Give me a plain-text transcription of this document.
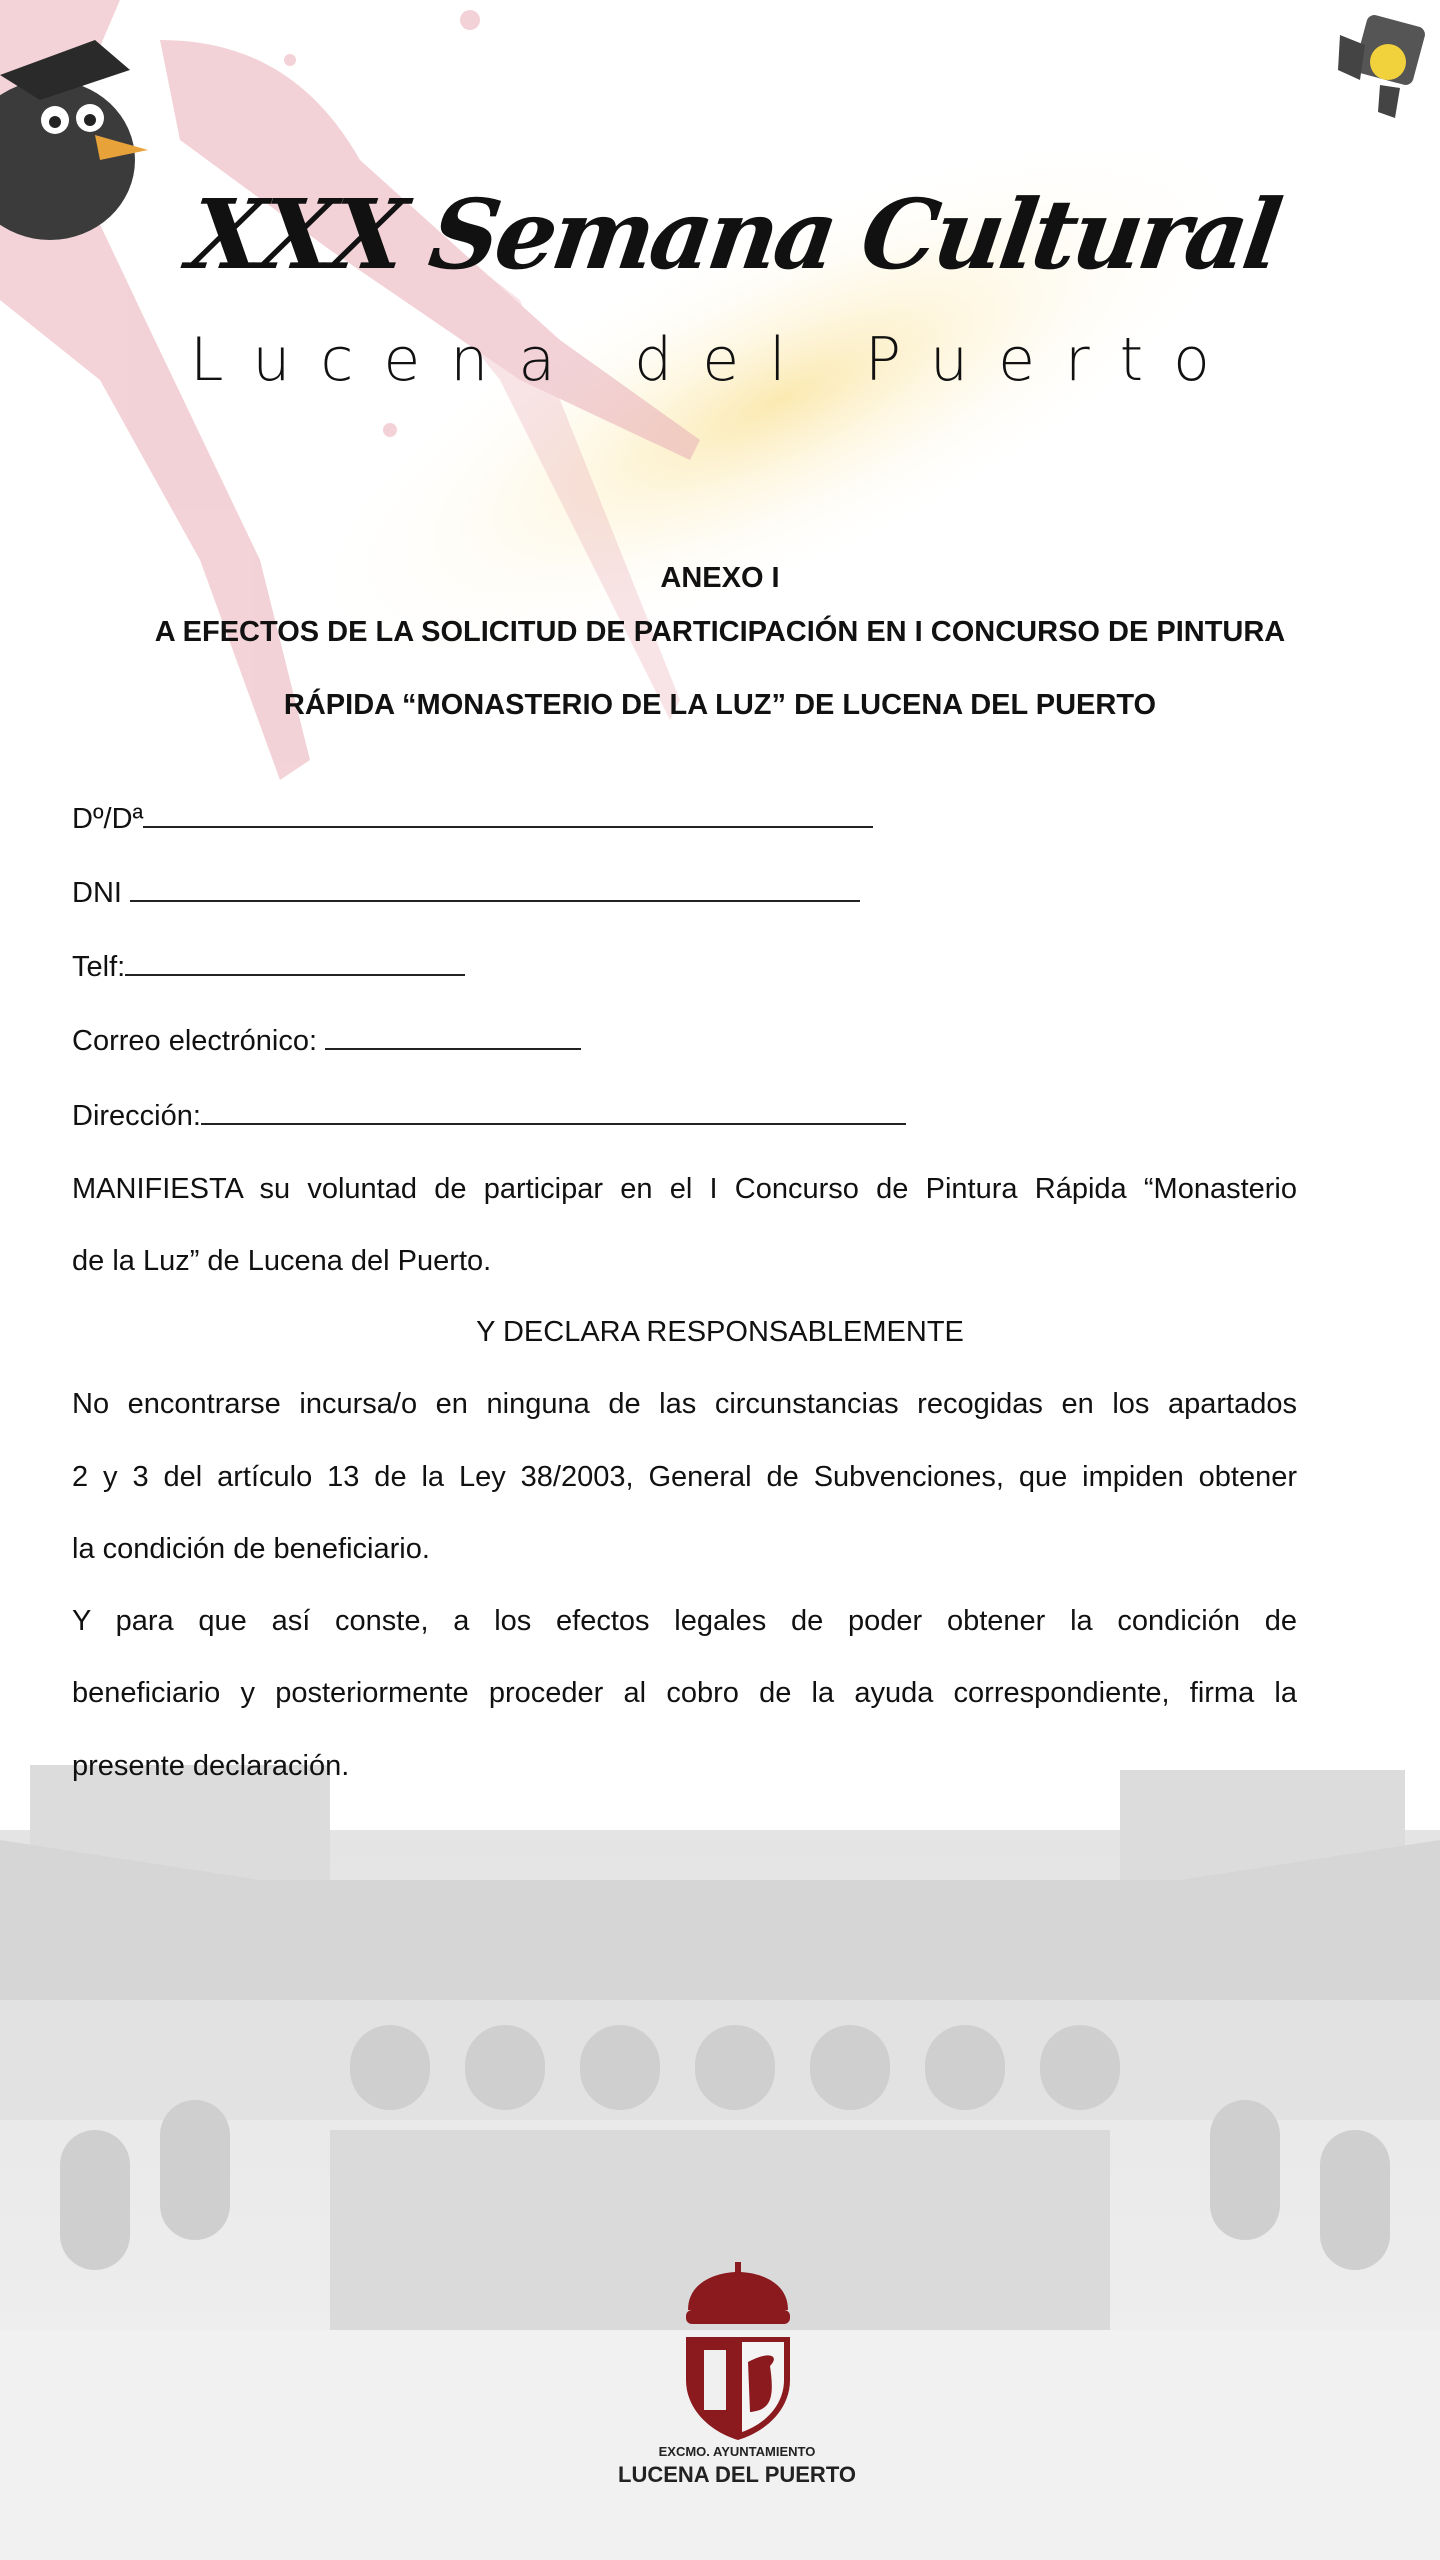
XXX Semana Cultural
Lucena del Puerto
ANEXO I
A EFECTOS DE LA SOLICITUD DE PARTICIPACIÓN EN I CONCURSO DE PINTURA
RÁPIDA “MONASTERIO DE LA LUZ” DE LUCENA DEL PUERTO
Dº/Dª
DNI
Telf:
Correo electrónico:
Dirección:
MANIFIESTA su voluntad de participar en el I Concurso de Pintura Rápida “Monasterio
de la Luz” de Lucena del Puerto.
Y DECLARA RESPONSABLEMENTE
No encontrarse incursa/o en ninguna de las circunstancias recogidas en los apartados
2 y 3 del artículo 13 de la Ley 38/2003, General de Subvenciones, que impiden obtener
la condición de beneficiario.
Y para que así conste, a los efectos legales de poder obtener la condición de
beneficiario y posteriormente proceder al cobro de la ayuda correspondiente, firma la
presente declaración.
EXCMO. AYUNTAMIENTO
LUCENA DEL PUERTO
